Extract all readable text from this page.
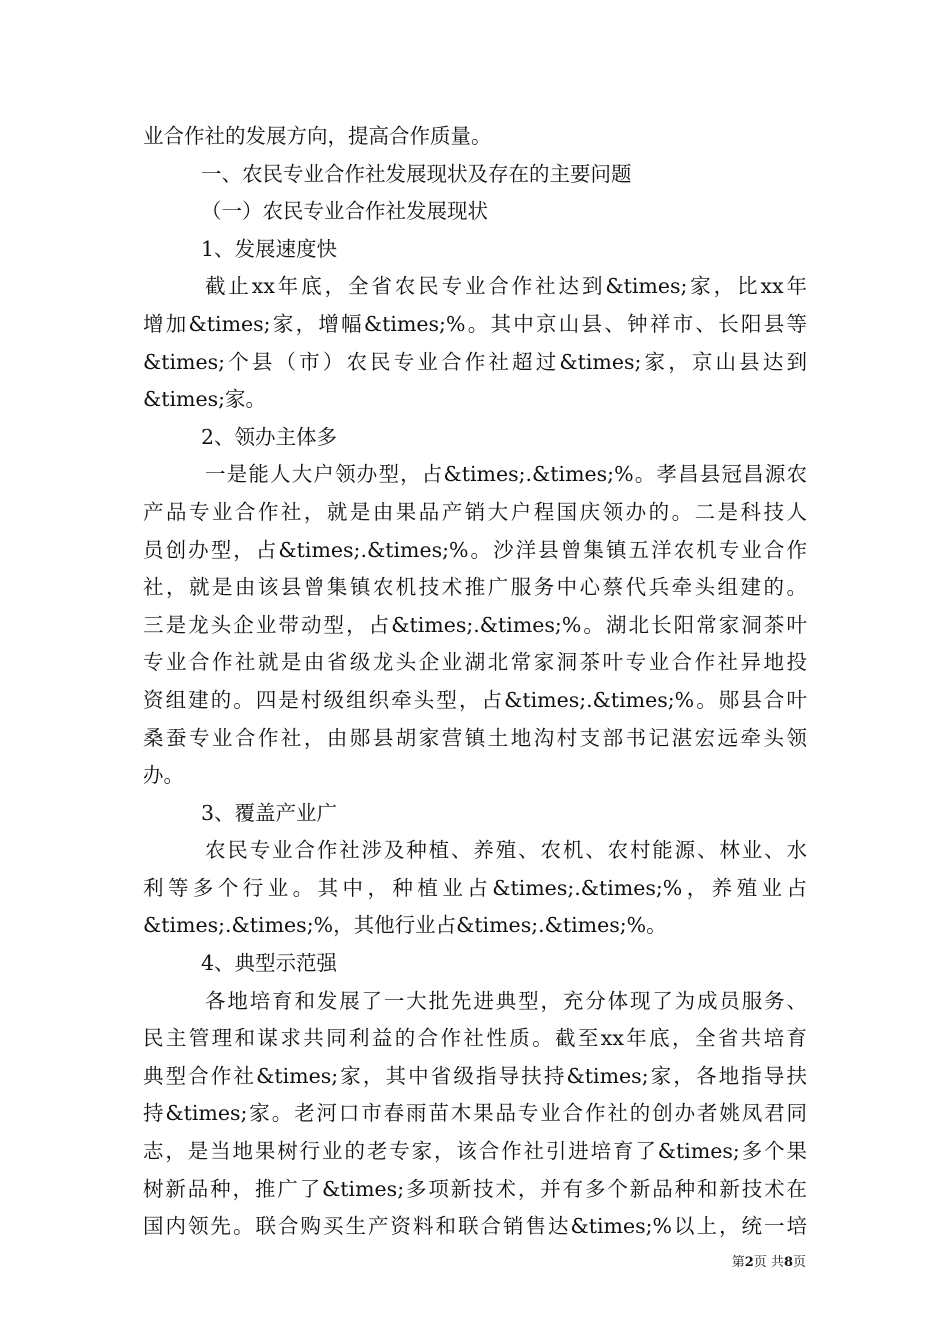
业合作社的发展方向，提高合作质量。
一、农民专业合作社发展现状及存在的主要问题
（一）农民专业合作社发展现状
1、发展速度快
截止xx年底，全省农民专业合作社达到&times;家，比xx年
增加&times;家，增幅&times;%。其中京山县、钟祥市、长阳县等
&times;个县（市）农民专业合作社超过&times;家，京山县达到
&times;家。
2、领办主体多
一是能人大户领办型，占&times;.&times;%。孝昌县冠昌源农
产品专业合作社，就是由果品产销大户程国庆领办的。二是科技人
员创办型，占&times;.&times;%。沙洋县曾集镇五洋农机专业合作
社，就是由该县曾集镇农机技术推广服务中心蔡代兵牵头组建的。
三是龙头企业带动型，占&times;.&times;%。湖北长阳常家洞茶叶
专业合作社就是由省级龙头企业湖北常家洞茶叶专业合作社异地投
资组建的。四是村级组织牵头型，占&times;.&times;%。郧县合叶
桑蚕专业合作社，由郧县胡家营镇土地沟村支部书记湛宏远牵头领
办。
3、覆盖产业广
农民专业合作社涉及种植、养殖、农机、农村能源、林业、水
利等多个行业。其中，种植业占&times;.&times;%，养殖业占
&times;.&times;%，其他行业占&times;.&times;%。
4、典型示范强
各地培育和发展了一大批先进典型，充分体现了为成员服务、
民主管理和谋求共同利益的合作社性质。截至xx年底，全省共培育
典型合作社&times;家，其中省级指导扶持&times;家，各地指导扶
持&times;家。老河口市春雨苗木果品专业合作社的创办者姚凤君同
志，是当地果树行业的老专家，该合作社引进培育了&times;多个果
树新品种，推广了&times;多项新技术，并有多个新品种和新技术在
国内领先。联合购买生产资料和联合销售达&times;%以上，统一培
第2页 共8页
